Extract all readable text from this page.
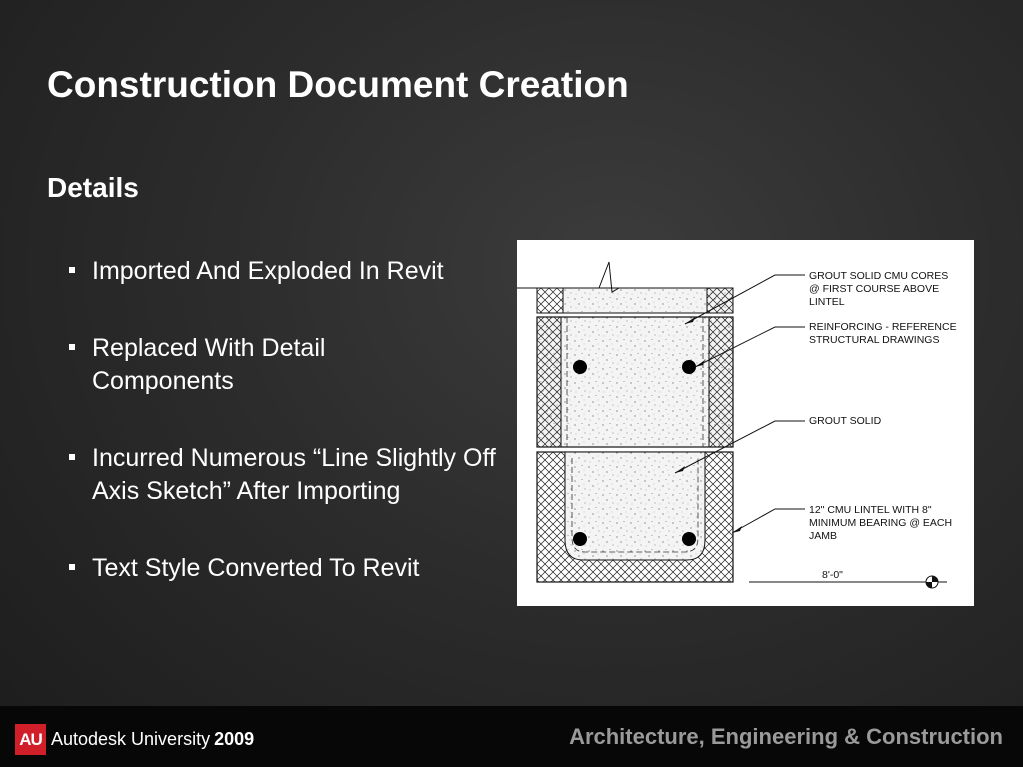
Construction Document Creation
Details
Imported And Exploded In Revit
Replaced With Detail Components
Incurred Numerous “Line Slightly Off Axis Sketch” After Importing
Text Style Converted To Revit
GROUT SOLID CMU CORES
@ FIRST COURSE ABOVE
LINTEL
REINFORCING - REFERENCE
STRUCTURAL DRAWINGS
GROUT SOLID
12" CMU LINTEL WITH 8"
MINIMUM BEARING @ EACH
JAMB
8'-0"
AU Autodesk University 2009	Architecture, Engineering & Construction
